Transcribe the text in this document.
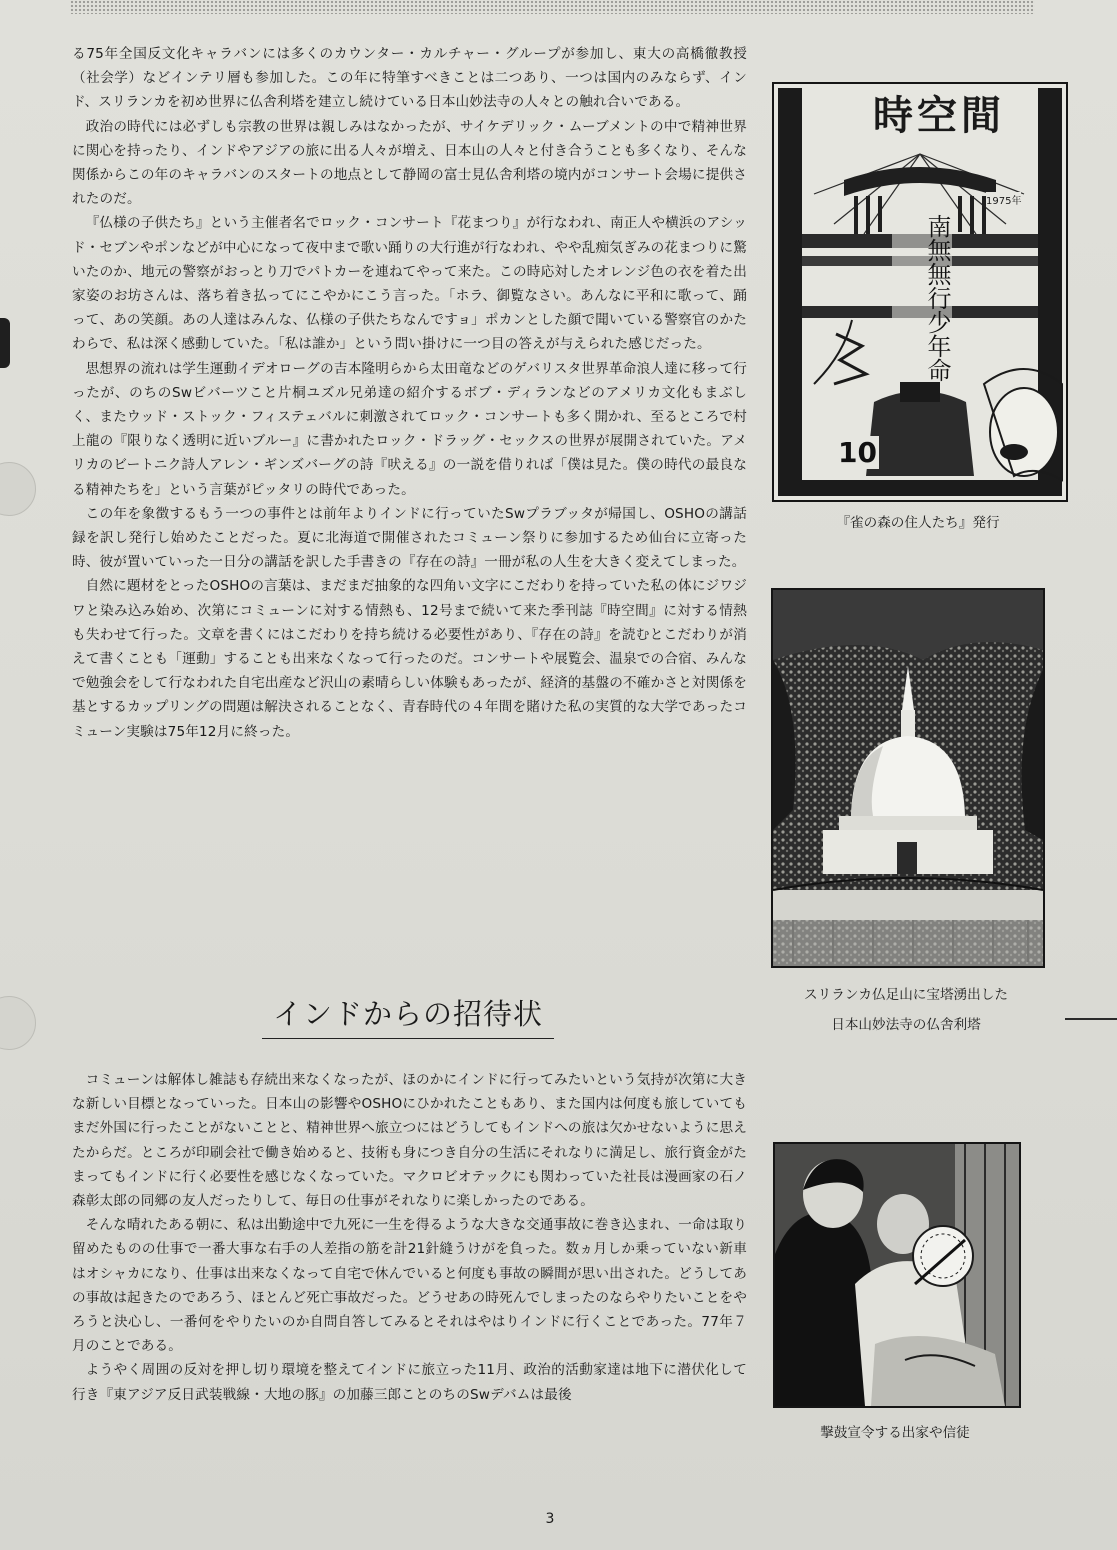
る75年全国反文化キャラバンには多くのカウンター・カルチャー・グループが参加し、東大の高橋徹教授（社会学）などインテリ層も参加した。この年に特筆すべきことは二つあり、一つは国内のみならず、インド、スリランカを初め世界に仏舎利塔を建立し続けている日本山妙法寺の人々との触れ合いである。

政治の時代には必ずしも宗教の世界は親しみはなかったが、サイケデリック・ムーブメントの中で精神世界に関心を持ったり、インドやアジアの旅に出る人々が増え、日本山の人々と付き合うことも多くなり、そんな関係からこの年のキャラバンのスタートの地点として静岡の富士見仏舎利塔の境内がコンサート会場に提供されたのだ。

『仏様の子供たち』という主催者名でロック・コンサート『花まつり』が行なわれ、南正人や横浜のアシッド・セブンやポンなどが中心になって夜中まで歌い踊りの大行進が行なわれ、やや乱痴気ぎみの花まつりに驚いたのか、地元の警察がおっとり刀でパトカーを連ねてやって来た。この時応対したオレンジ色の衣を着た出家姿のお坊さんは、落ち着き払ってにこやかにこう言った。「ホラ、御覧なさい。あんなに平和に歌って、踊って、あの笑顔。あの人達はみんな、仏様の子供たちなんですョ」ポカンとした顔で聞いている警察官のかたわらで、私は深く感動していた。「私は誰か」という問い掛けに一つ目の答えが与えられた感じだった。

思想界の流れは学生運動イデオローグの吉本隆明らから太田竜などのゲバリスタ世界革命浪人達に移って行ったが、のちのSwビバーツこと片桐ユズル兄弟達の紹介するボブ・ディランなどのアメリカ文化もまぶしく、またウッド・ストック・フィステェバルに刺激されてロック・コンサートも多く開かれ、至るところで村上龍の『限りなく透明に近いブルー』に書かれたロック・ドラッグ・セックスの世界が展開されていた。アメリカのビートニク詩人アレン・ギンズバーグの詩『吠える』の一説を借りれば「僕は見た。僕の時代の最良なる精神たちを」という言葉がピッタリの時代であった。

この年を象徴するもう一つの事件とは前年よりインドに行っていたSwプラブッタが帰国し、OSHOの講話録を訳し発行し始めたことだった。夏に北海道で開催されたコミューン祭りに参加するため仙台に立寄った時、彼が置いていった一日分の講話を訳した手書きの『存在の詩』一冊が私の人生を大きく変えてしまった。

自然に題材をとったOSHOの言葉は、まだまだ抽象的な四角い文字にこだわりを持っていた私の体にジワジワと染み込み始め、次第にコミューンに対する情熱も、12号まで続いて来た季刊誌『時空間』に対する情熱も失わせて行った。文章を書くにはこだわりを持ち続ける必要性があり、『存在の詩』を読むとこだわりが消えて書くことも「運動」することも出来なくなって行ったのだ。コンサートや展覧会、温泉での合宿、みんなで勉強会をして行なわれた自宅出産など沢山の素晴らしい体験もあったが、経済的基盤の不確かさと対関係を基とするカップリングの問題は解決されることなく、青春時代の４年間を賭けた私の実質的な大学であったコミューン実験は75年12月に終った。

インドからの招待状

コミューンは解体し雑誌も存続出来なくなったが、ほのかにインドに行ってみたいという気持が次第に大きな新しい目標となっていった。日本山の影響やOSHOにひかれたこともあり、また国内は何度も旅していてもまだ外国に行ったことがないことと、精神世界へ旅立つにはどうしてもインドへの旅は欠かせないように思えたからだ。ところが印刷会社で働き始めると、技術も身につき自分の生活にそれなりに満足し、旅行資金がたまってもインドに行く必要性を感じなくなっていた。マクロビオテックにも関わっていた社長は漫画家の石ノ森彰太郎の同郷の友人だったりして、毎日の仕事がそれなりに楽しかったのである。

そんな晴れたある朝に、私は出勤途中で九死に一生を得るような大きな交通事故に巻き込まれ、一命は取り留めたものの仕事で一番大事な右手の人差指の筋を計21針縫うけがを負った。数ヵ月しか乗っていない新車はオシャカになり、仕事は出来なくなって自宅で休んでいると何度も事故の瞬間が思い出された。どうしてあの事故は起きたのであろう、ほとんど死亡事故だった。どうせあの時死んでしまったのならやりたいことをやろうと決心し、一番何をやりたいのか自問自答してみるとそれはやはりインドに行くことであった。77年７月のことである。

ようやく周囲の反対を押し切り環境を整えてインドに旅立った11月、政治的活動家達は地下に潜伏化して行き『東アジア反日武装戦線・大地の豚』の加藤三郎ことのちのSwデバムは最後

時空間
1975年
南無無行少年命
10
『雀の森の住人たち』発行
スリランカ仏足山に宝塔湧出した
日本山妙法寺の仏舎利塔
撃鼓宣令する出家や信徒
3
